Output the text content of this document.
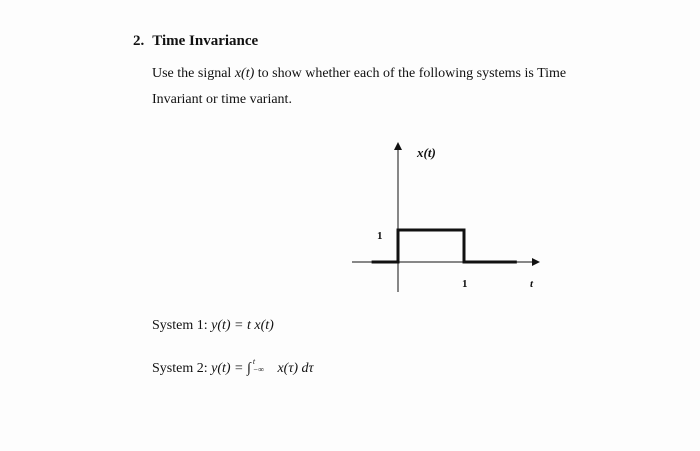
2. Time Invariance
Use the signal x(t) to show whether each of the following systems is Time
Invariant or time variant.
x(t)
1
1	t
System 1: y(t) = t x(t)
System 2: y(t) = ∫ t
−∞ x(τ) dτ
